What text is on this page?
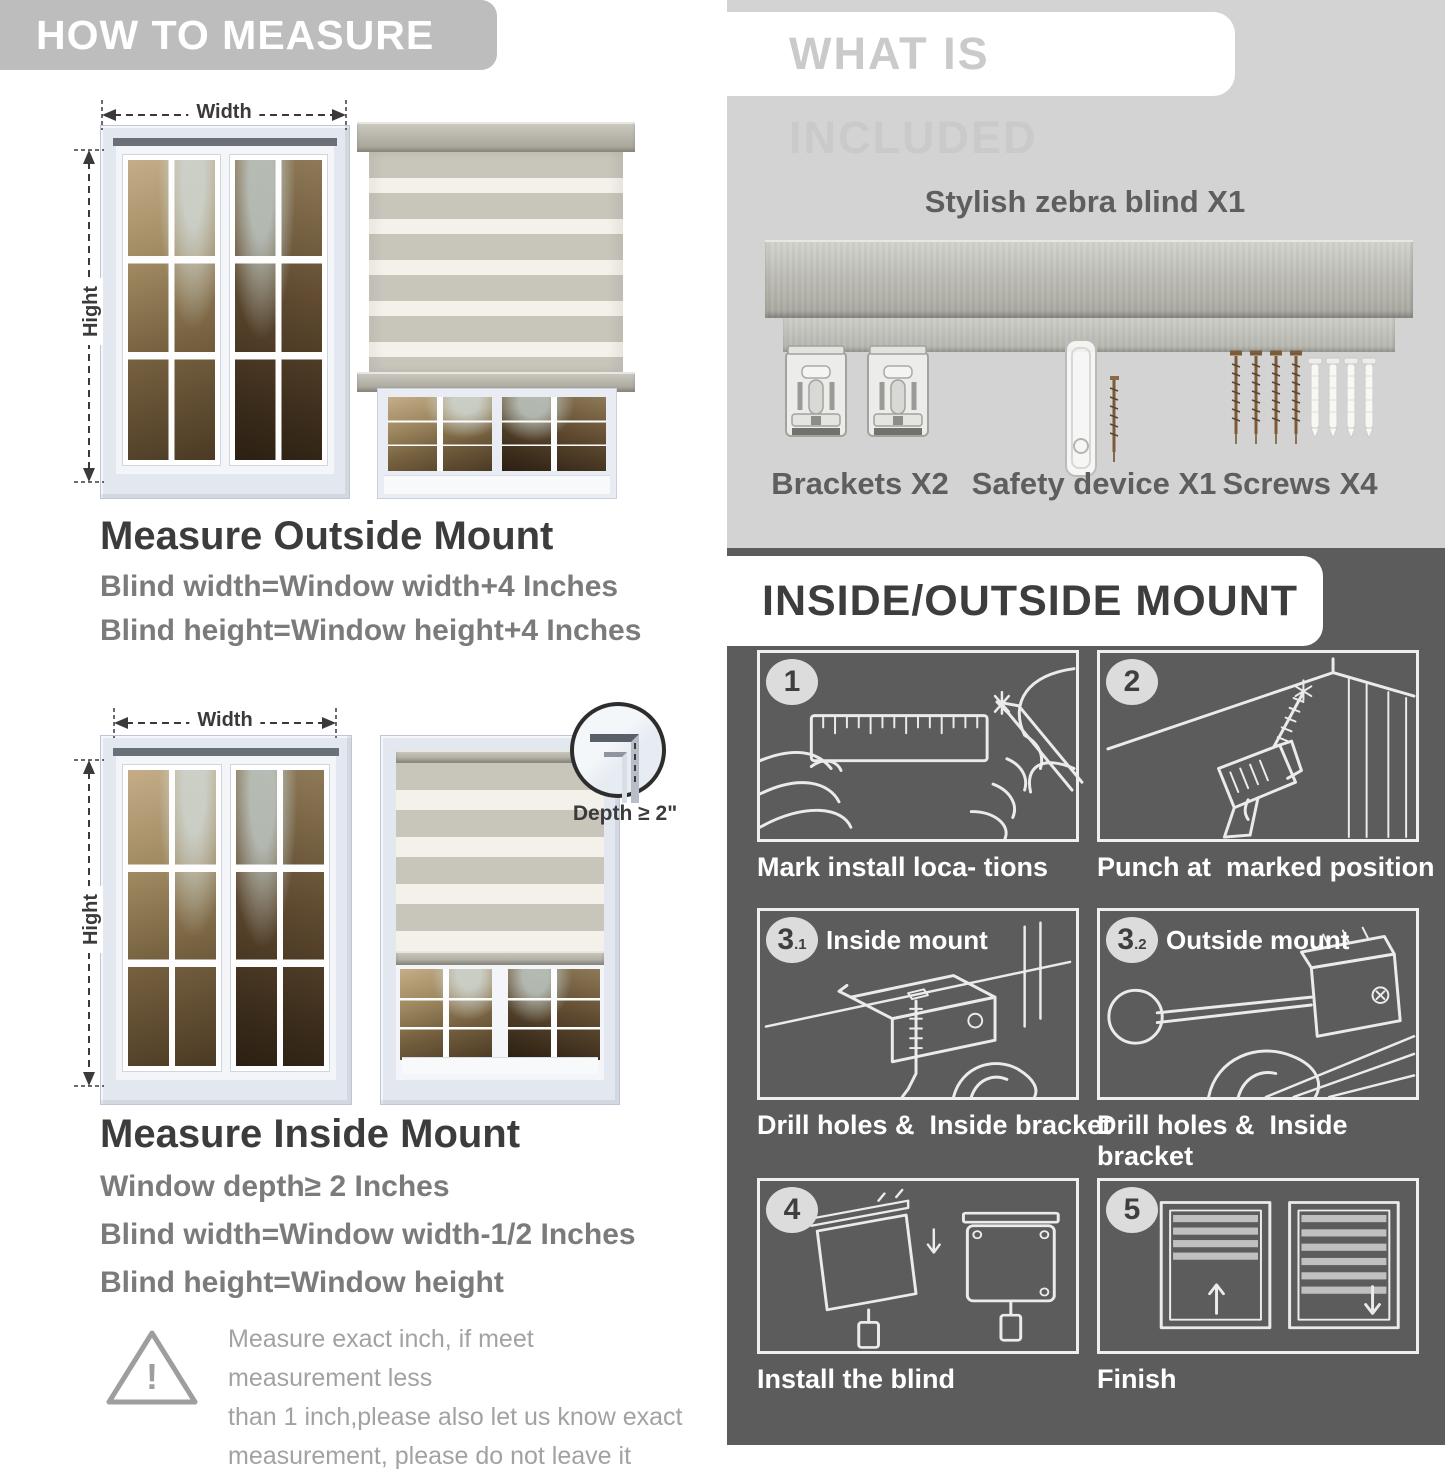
HOW TO MEASURE
Width
Hight
Measure Outside Mount
Blind width=Window width+4 Inches
Blind height=Window height+4 Inches
Width
Hight
Depth ≥ 2"
Measure Inside Mount
Window depth≥ 2 Inches
Blind width=Window width-1/2 Inches
Blind height=Window height
!
Measure exact inch, if meet measurement less
than 1 inch,please also let us know exact
measurement, please do not leave it
WHAT IS INCLUDED
Stylish zebra blind X1
Brackets X2 Safety device X1 Screws X4
INSIDE/OUTSIDE MOUNT
1
Mark install loca- tions
2
Punch at  marked position
3.1 Inside mount
Drill holes &  Inside bracket
3.2 Outside mount
Drill holes &  Inside bracket
4
Install the blind
5
Finish
